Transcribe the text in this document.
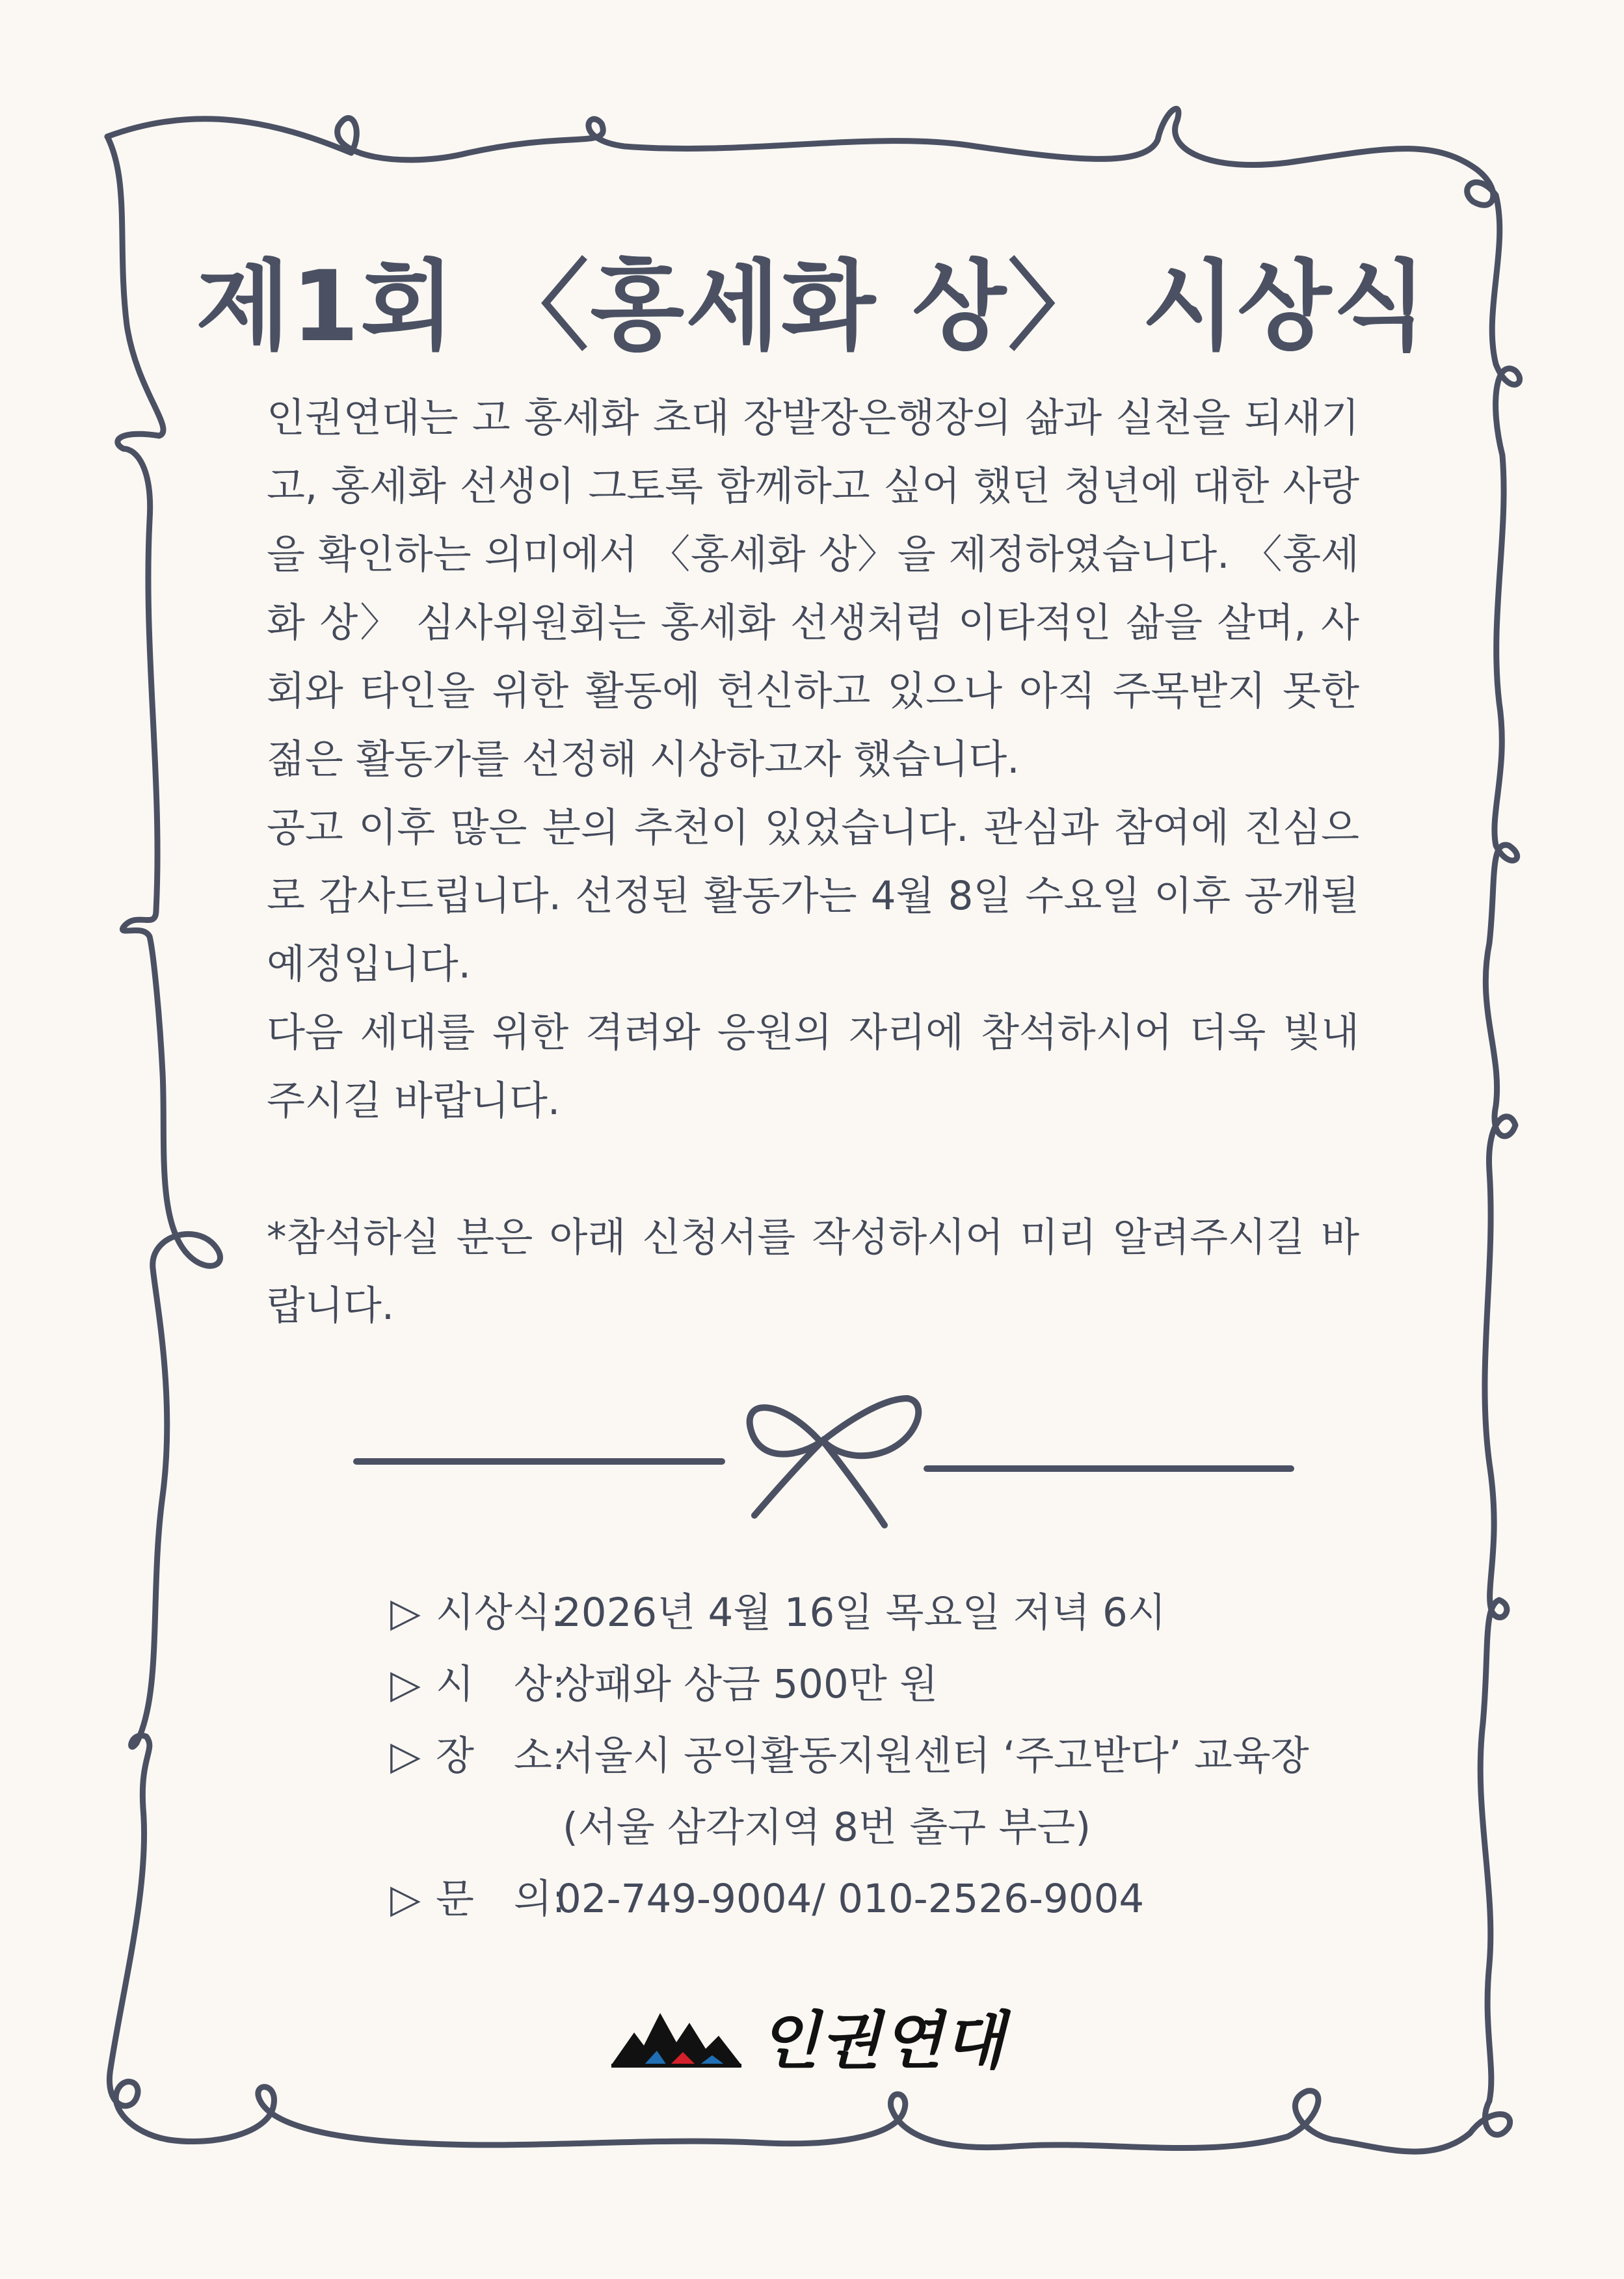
제1회 〈홍세화 상〉 시상식

인권연대는 고 홍세화 초대 장발장은행장의 삶과 실천을 되새기고, 홍세화 선생이 그토록 함께하고 싶어 했던 청년에 대한 사랑을 확인하는 의미에서 〈홍세화 상〉을 제정하였습니다. 〈홍세화 상〉 심사위원회는 홍세화 선생처럼 이타적인 삶을 살며, 사회와 타인을 위한 활동에 헌신하고 있으나 아직 주목받지 못한 젊은 활동가를 선정해 시상하고자 했습니다.

공고 이후 많은 분의 추천이 있었습니다. 관심과 참여에 진심으로 감사드립니다. 선정된 활동가는 4월 8일 수요일 이후 공개될 예정입니다.

다음 세대를 위한 격려와 응원의 자리에 참석하시어 더욱 빛내주시길 바랍니다.

*참석하실 분은 아래 신청서를 작성하시어 미리 알려주시길 바랍니다.

▷ 시상식:
2026년 4월 16일 목요일 저녁 6시
▷ 시　상:
상패와 상금 500만 원
▷ 장　소:
서울시 공익활동지원센터 ‘주고받다’ 교육장
(서울 삼각지역 8번 출구 부근)
▷ 문　의:
02-749-9004/ 010-2526-9004
인권연대
